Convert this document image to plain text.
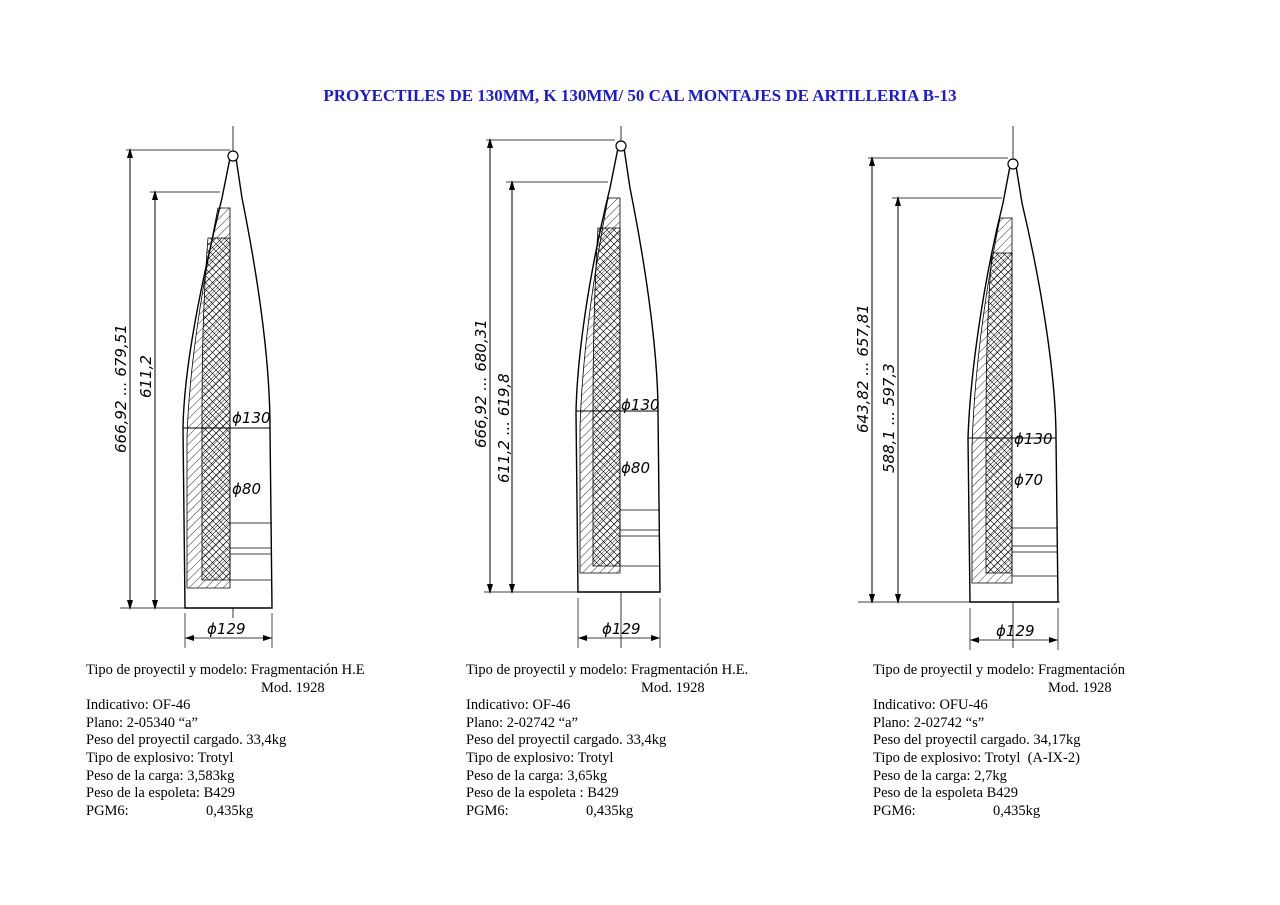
PROYECTILES DE 130MM, K 130MM/ 50 CAL MONTAJES DE ARTILLERIA B-13
666,92 ... 679,51 611,2
ϕ130
ϕ80
ϕ129
666,92 ... 680,31 611,2 ... 619,8	ϕ130
ϕ80
ϕ129
643,82 ... 657,81 588,1 ... 597,3	ϕ130
ϕ70
ϕ129
Tipo de proyectil y modelo: Fragmentación H.E
Mod. 1928
Indicativo: OF-46
Plano: 2-05340 “a”
Peso del proyectil cargado. 33,4kg
Tipo de explosivo: Trotyl
Peso de la carga: 3,583kg
Peso de la espoleta: B429
PGM6:	0,435kg
Tipo de proyectil y modelo: Fragmentación H.E.
Mod. 1928
Indicativo: OF-46
Plano: 2-02742 “a”
Peso del proyectil cargado. 33,4kg
Tipo de explosivo: Trotyl
Peso de la carga: 3,65kg
Peso de la espoleta : B429
PGM6:	0,435kg
Tipo de proyectil y modelo: Fragmentación
Mod. 1928
Indicativo: OFU-46
Plano: 2-02742 “s”
Peso del proyectil cargado. 34,17kg
Tipo de explosivo: Trotyl  (A-IX-2)
Peso de la carga: 2,7kg
Peso de la espoleta B429
PGM6:	0,435kg
